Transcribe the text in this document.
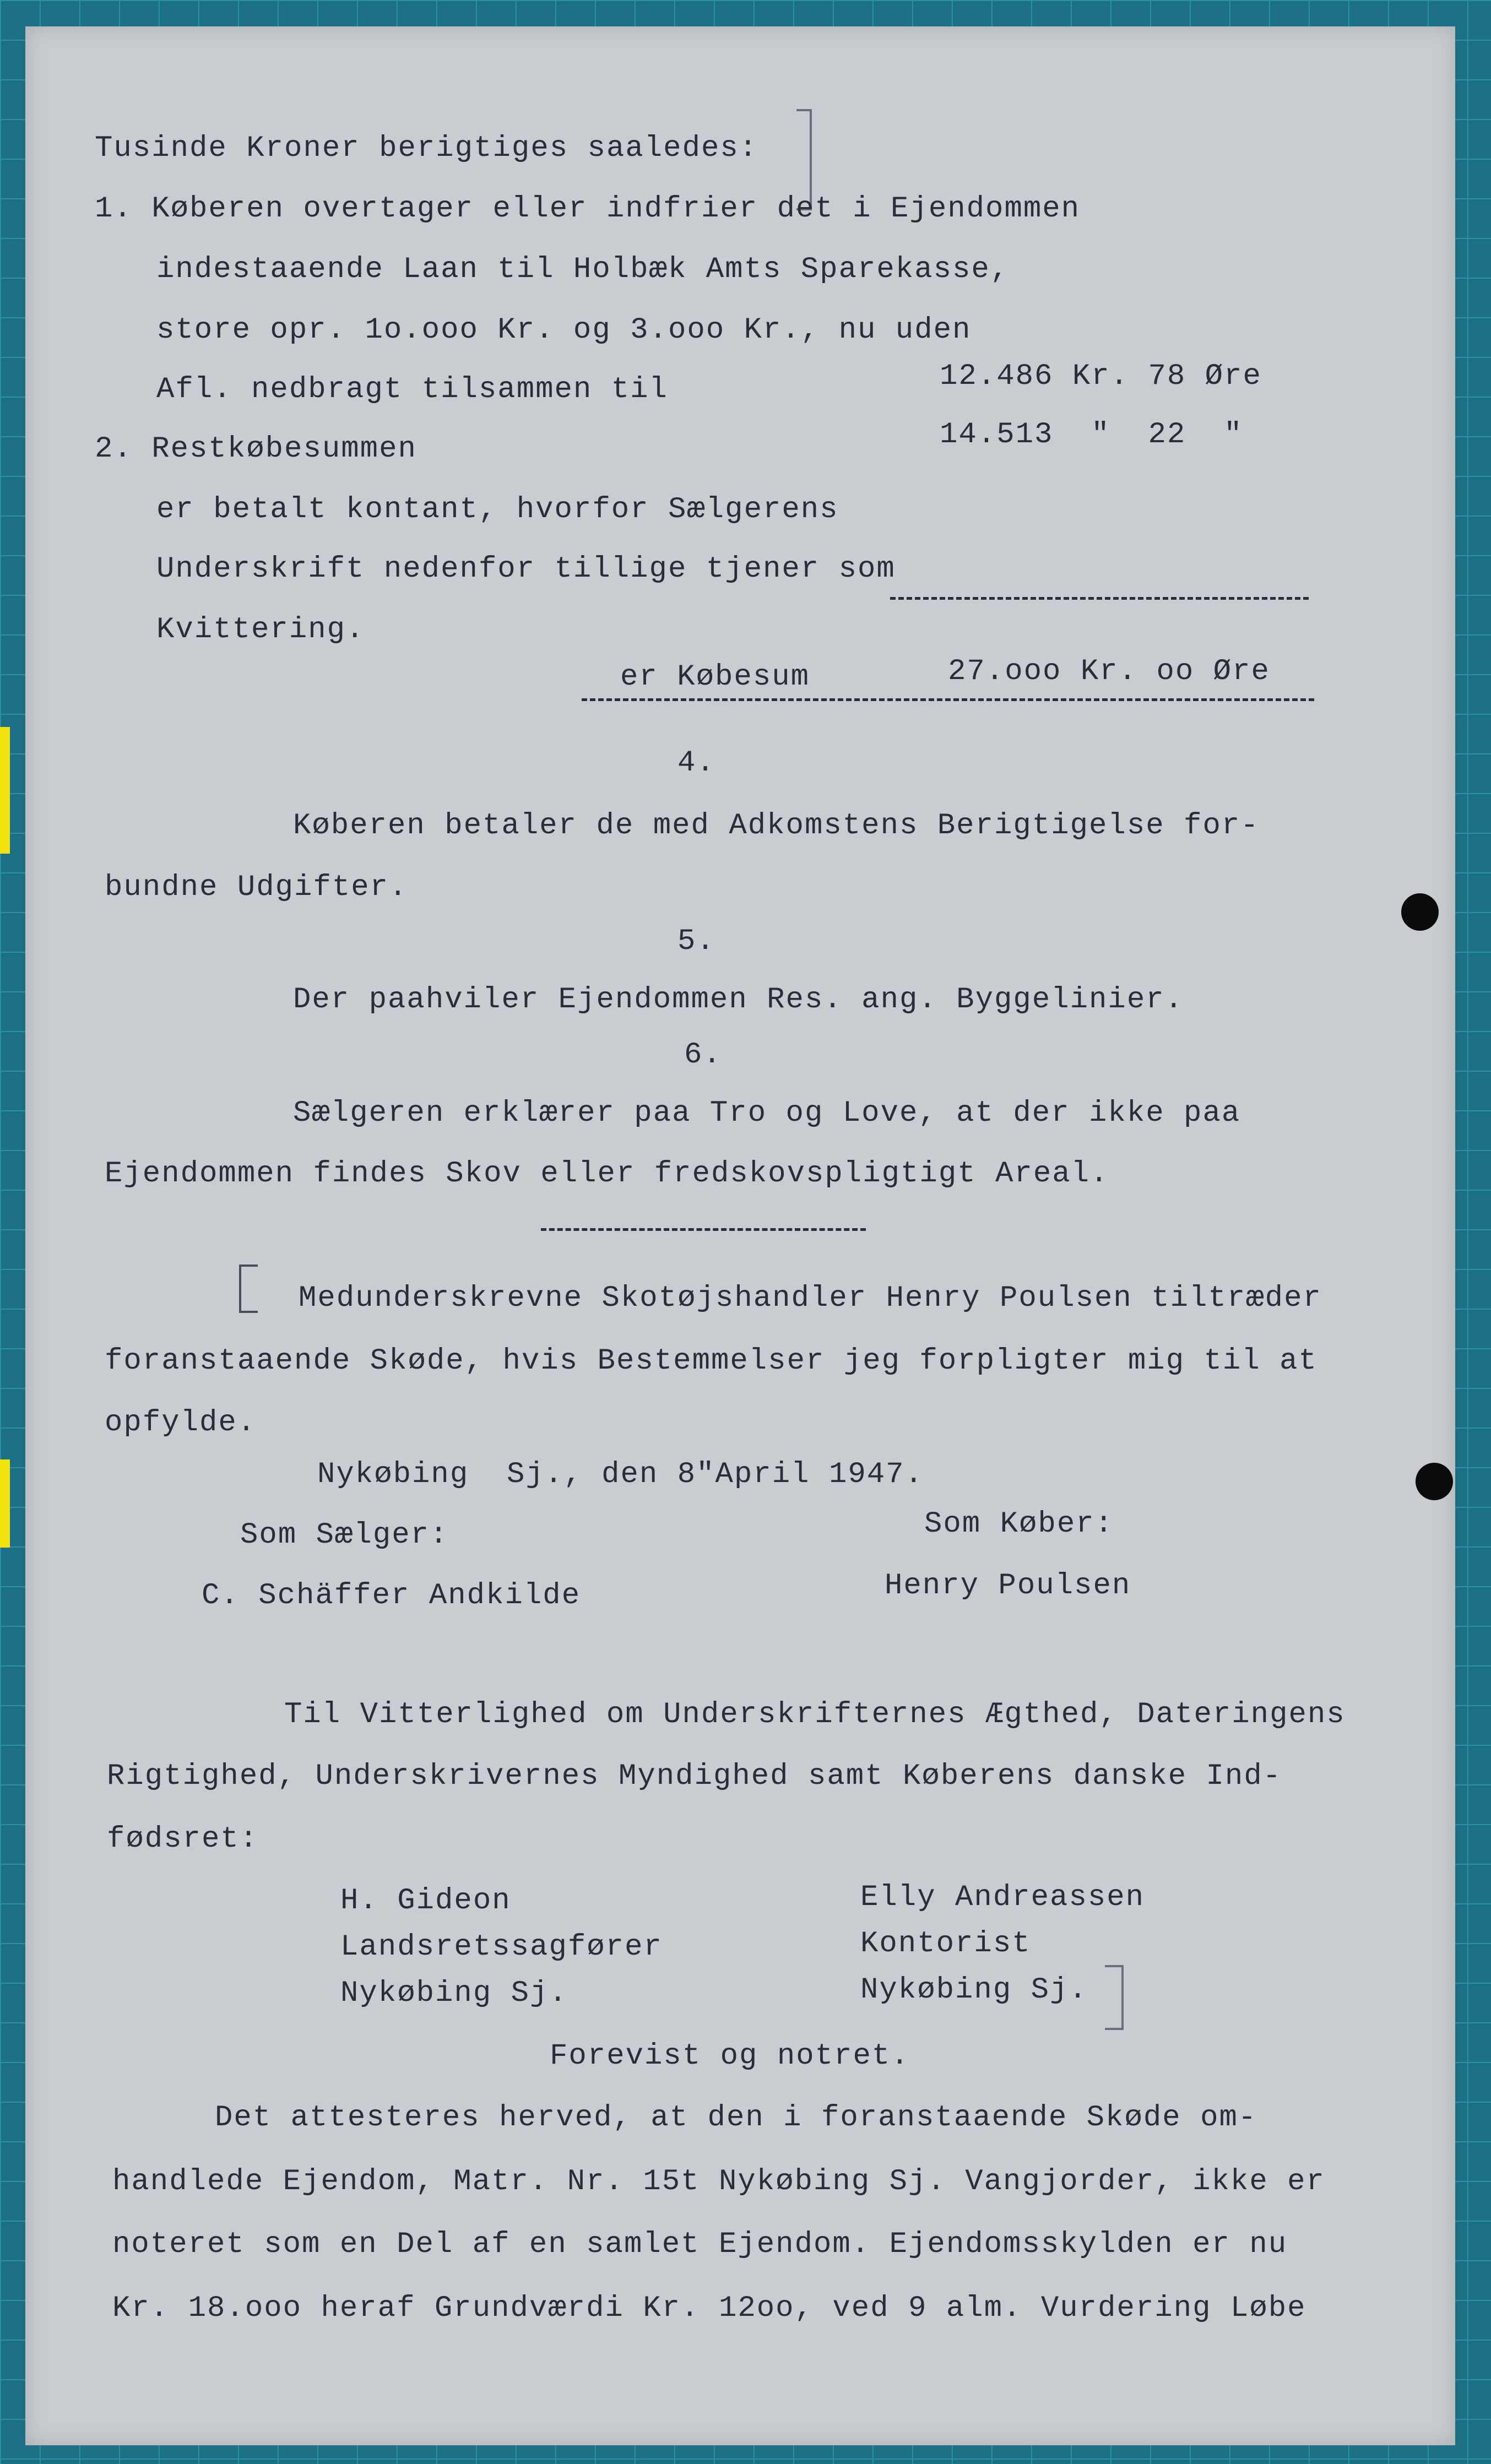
Tusinde Kroner berigtiges saaledes:
1. Køberen overtager eller indfrier det i Ejendommen
indestaaende Laan til Holbæk Amts Sparekasse,
store opr. 1o.ooo Kr. og 3.ooo Kr., nu uden
Afl. nedbragt tilsammen til	12.486 Kr. 78 Øre
2. Restkøbesummen	14.513  "  22  "
er betalt kontant, hvorfor Sælgerens
Underskrift nedenfor tillige tjener som
Kvittering.
er Købesum	27.ooo Kr. oo Øre
4.
Køberen betaler de med Adkomstens Berigtigelse for-
bundne Udgifter.
5.
Der paahviler Ejendommen Res. ang. Byggelinier.
6.
Sælgeren erklærer paa Tro og Love, at der ikke paa
Ejendommen findes Skov eller fredskovspligtigt Areal.
Medunderskrevne Skotøjshandler Henry Poulsen tiltræder
foranstaaende Skøde, hvis Bestemmelser jeg forpligter mig til at
opfylde.
Nykøbing  Sj., den 8"April 1947.
Som Sælger:	Som Køber:
C. Schäffer Andkilde	Henry Poulsen
Til Vitterlighed om Underskrifternes Ægthed, Dateringens
Rigtighed, Underskrivernes Myndighed samt Køberens danske Ind-
fødsret:
H. Gideon
Landsretssagfører
Nykøbing Sj.
Elly Andreassen
Kontorist
Nykøbing Sj.
Forevist og notret.
Det attesteres herved, at den i foranstaaende Skøde om-
handlede Ejendom, Matr. Nr. 15t Nykøbing Sj. Vangjorder, ikke er
noteret som en Del af en samlet Ejendom. Ejendomsskylden er nu
Kr. 18.ooo heraf Grundværdi Kr. 12oo, ved 9 alm. Vurdering Løbe
